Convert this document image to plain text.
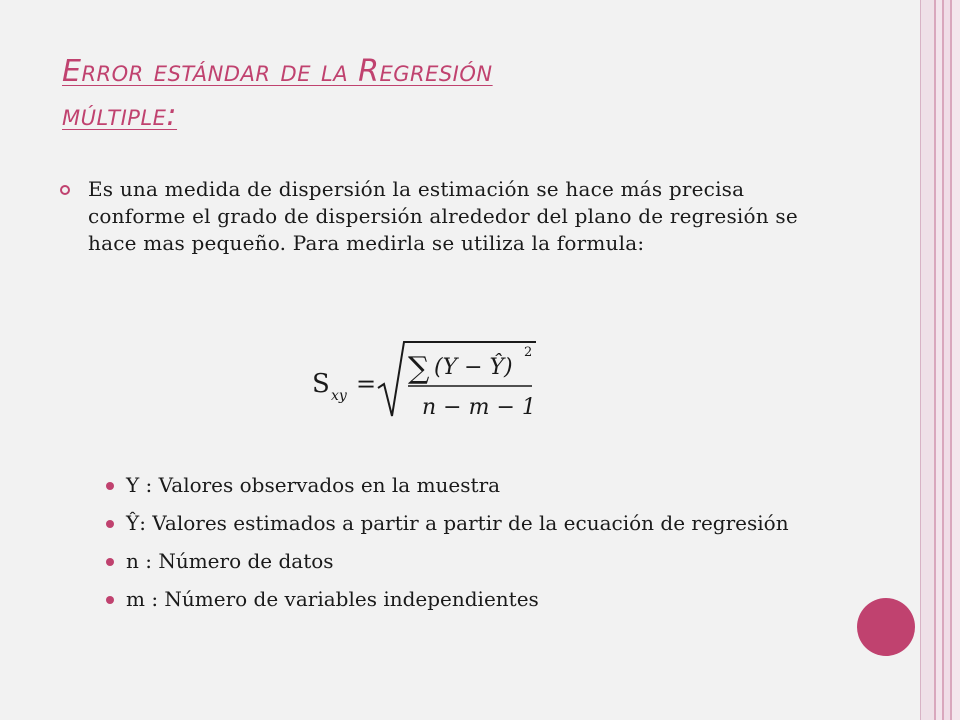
Error estándar de la Regresión
múltiple:
Es una medida de dispersión la estimación se hace más precisa conforme el grado de dispersión alrededor del plano de regresión se hace mas pequeño. Para medirla se utiliza la formula:
S xy = ∑ (Y − Ŷ)
2
n − m − 1
Y : Valores observados en la muestra
Ŷ: Valores estimados a partir a partir de la ecuación de regresión
n : Número de datos
m : Número de variables independientes
